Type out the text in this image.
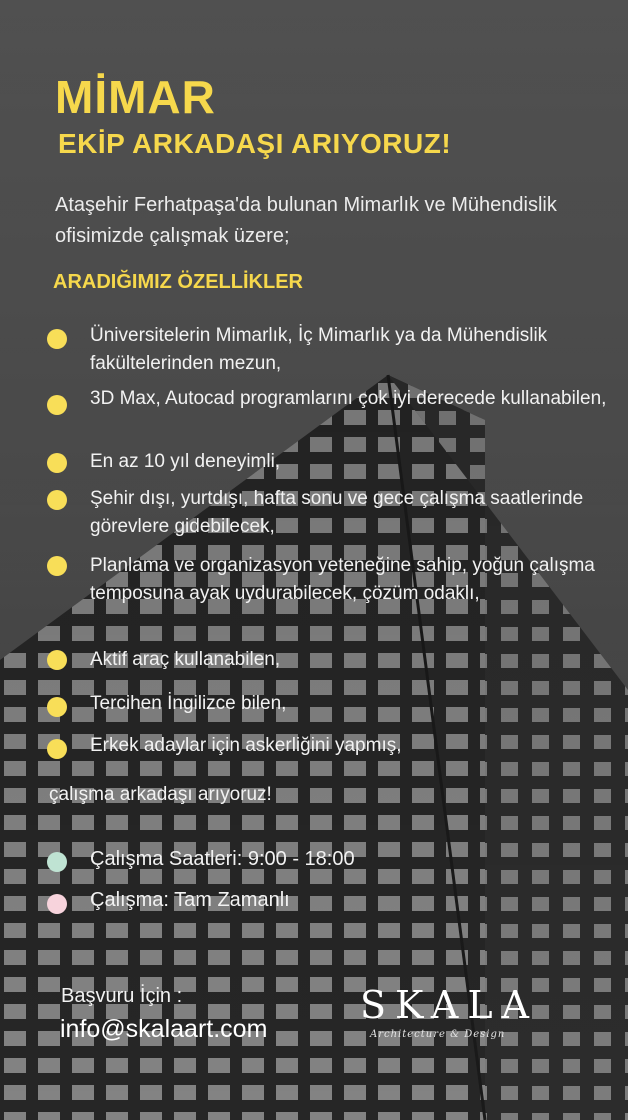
MİMAR
EKİP ARKADAŞI ARIYORUZ!

Ataşehir Ferhatpaşa'da bulunan Mimarlık ve Mühendislik ofisimizde çalışmak üzere;

ARADIĞIMIZ ÖZELLİKLER
Üniversitelerin Mimarlık, İç Mimarlık ya da Mühendislik fakültelerinden mezun,
3D Max, Autocad programlarını çok iyi derecede kullanabilen,
En az 10 yıl deneyimli,
Şehir dışı, yurtdışı, hafta sonu ve gece çalışma saatlerinde görevlere gidebilecek,
Planlama ve organizasyon yeteneğine sahip, yoğun çalışma temposuna ayak uydurabilecek, çözüm odaklı,
Aktif araç kullanabilen,
Tercihen İngilizce bilen,
Erkek adaylar için askerliğini yapmış,

çalışma arkadaşı arıyoruz!

Çalışma Saatleri: 9:00 - 18:00
Çalışma: Tam Zamanlı

Başvuru İçin :

info@skalaart.com

SKALA
Architecture & Design
